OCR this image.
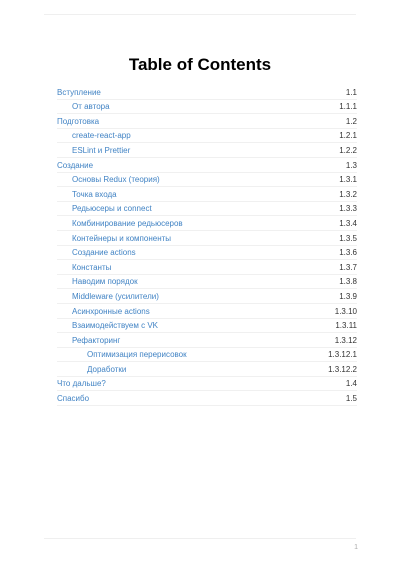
Table of Contents
Вступление	1.1
От автора	1.1.1
Подготовка	1.2
create-react-app	1.2.1
ESLint и Prettier	1.2.2
Создание	1.3
Основы Redux (теория)	1.3.1
Точка входа	1.3.2
Редьюсеры и connect	1.3.3
Комбинирование редьюсеров	1.3.4
Контейнеры и компоненты	1.3.5
Создание actions	1.3.6
Константы	1.3.7
Наводим порядок	1.3.8
Middleware (усилители)	1.3.9
Асинхронные actions	1.3.10
Взаимодействуем с VK	1.3.11
Рефакторинг	1.3.12
Оптимизация перерисовок	1.3.12.1
Доработки	1.3.12.2
Что дальше?	1.4
Спасибо	1.5
1
